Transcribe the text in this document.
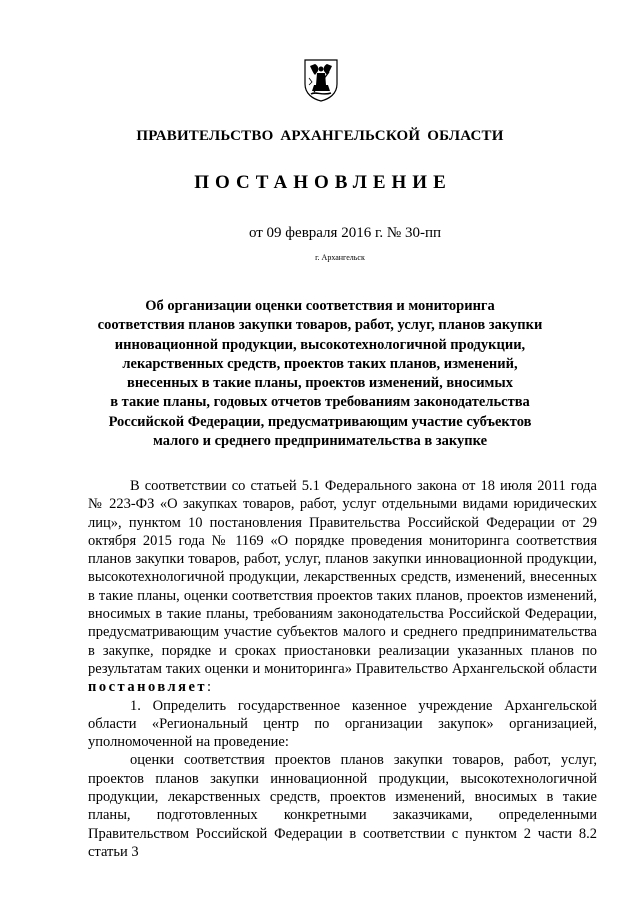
ПРАВИТЕЛЬСТВО АРХАНГЕЛЬСКОЙ ОБЛАСТИ
ПОСТАНОВЛЕНИЕ
от 09 февраля 2016 г. № 30-пп
г. Архангельск
Об организации оценки соответствия и мониторинга
соответствия планов закупки товаров, работ, услуг, планов закупки
инновационной продукции, высокотехнологичной продукции,
лекарственных средств, проектов таких планов, изменений,
внесенных в такие планы, проектов изменений, вносимых
в такие планы, годовых отчетов требованиям законодательства
Российской Федерации, предусматривающим участие субъектов
малого и среднего предпринимательства в закупке

В соответствии со статьей 5.1 Федерального закона от 18 июля 2011 года № 223-ФЗ «О закупках товаров, работ, услуг отдельными видами юридических лиц», пунктом 10 постановления Правительства Российской Федерации от 29 октября 2015 года № 1169 «О порядке проведения мониторинга соответствия планов закупки товаров, работ, услуг, планов закупки инновационной продукции, высокотехнологичной продукции, лекарственных средств, изменений, внесенных в такие планы, оценки соответствия проектов таких планов, проектов изменений, вносимых в такие планы, требованиям законодательства Российской Федерации, предусматривающим участие субъектов малого и среднего предпринимательства в закупке, порядке и сроках приостановки реализации указанных планов по результатам таких оценки и мониторинга» Правительство Архангельской области постановляет:

1. Определить государственное казенное учреждение Архангельской области «Региональный центр по организации закупок» организацией, уполномоченной на проведение:

оценки соответствия проектов планов закупки товаров, работ, услуг, проектов планов закупки инновационной продукции, высокотехнологичной продукции, лекарственных средств, проектов изменений, вносимых в такие планы, подготовленных конкретными заказчиками, определенными Правительством Российской Федерации в соответствии с пунктом 2 части 8.2 статьи 3
